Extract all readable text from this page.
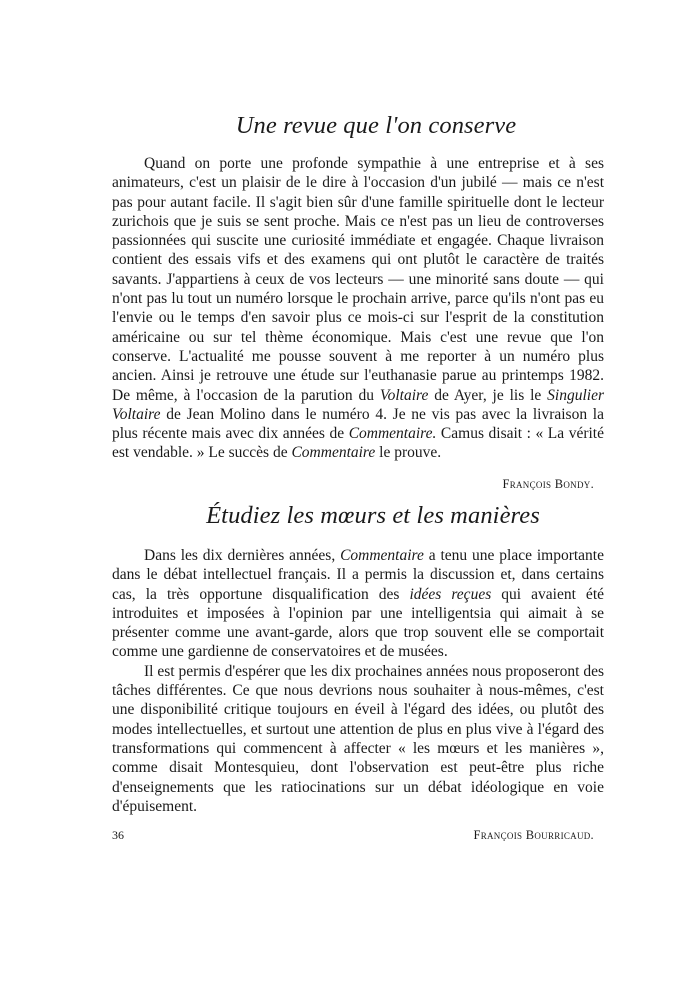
Une revue que l'on conserve

Quand on porte une profonde sympathie à une entreprise et à ses animateurs, c'est un plaisir de le dire à l'occasion d'un jubilé — mais ce n'est pas pour autant facile. Il s'agit bien sûr d'une famille spirituelle dont le lecteur zurichois que je suis se sent proche. Mais ce n'est pas un lieu de controverses passionnées qui suscite une curiosité immédiate et engagée. Chaque livraison contient des essais vifs et des examens qui ont plutôt le caractère de traités savants. J'appartiens à ceux de vos lecteurs — une minorité sans doute — qui n'ont pas lu tout un numéro lorsque le prochain arrive, parce qu'ils n'ont pas eu l'envie ou le temps d'en savoir plus ce mois-ci sur l'esprit de la constitution américaine ou sur tel thème économique. Mais c'est une revue que l'on conserve. L'actualité me pousse souvent à me reporter à un numéro plus ancien. Ainsi je retrouve une étude sur l'euthanasie parue au printemps 1982. De même, à l'occasion de la parution du Voltaire de Ayer, je lis le Singulier Voltaire de Jean Molino dans le numéro 4. Je ne vis pas avec la livraison la plus récente mais avec dix années de Commentaire. Camus disait : « La vérité est vendable. » Le succès de Commentaire le prouve.

François Bondy.
Étudiez les mœurs et les manières

Dans les dix dernières années, Commentaire a tenu une place importante dans le débat intellectuel français. Il a permis la discussion et, dans certains cas, la très opportune disqualification des idées reçues qui avaient été introduites et imposées à l'opinion par une intelligentsia qui aimait à se présenter comme une avant-garde, alors que trop souvent elle se comportait comme une gardienne de conservatoires et de musées.

Il est permis d'espérer que les dix prochaines années nous proposeront des tâches différentes. Ce que nous devrions nous souhaiter à nous-mêmes, c'est une disponibilité critique toujours en éveil à l'égard des idées, ou plutôt des modes intellectuelles, et surtout une attention de plus en plus vive à l'égard des transformations qui commencent à affecter « les mœurs et les manières », comme disait Montesquieu, dont l'observation est peut-être plus riche d'enseignements que les ratiocinations sur un débat idéologique en voie d'épuisement.

François Bourricaud.
36
